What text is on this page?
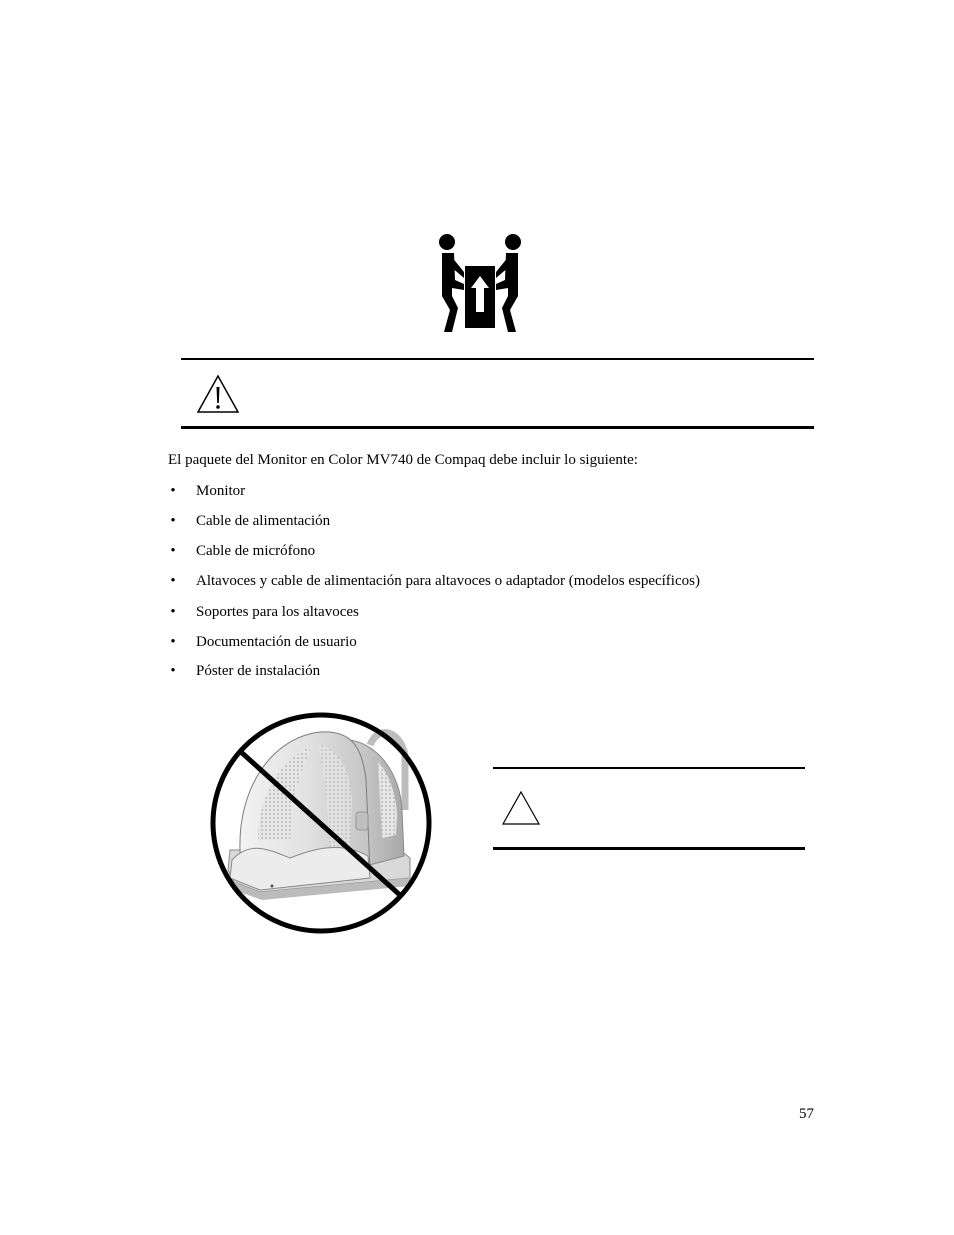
El paquete del Monitor en Color MV740 de Compaq debe incluir lo siguiente:
• Monitor
• Cable de alimentación
• Cable de micrófono
• Altavoces y cable de alimentación para altavoces o adaptador (modelos específicos)
• Soportes para los altavoces
• Documentación de usuario
• Póster de instalación
57
